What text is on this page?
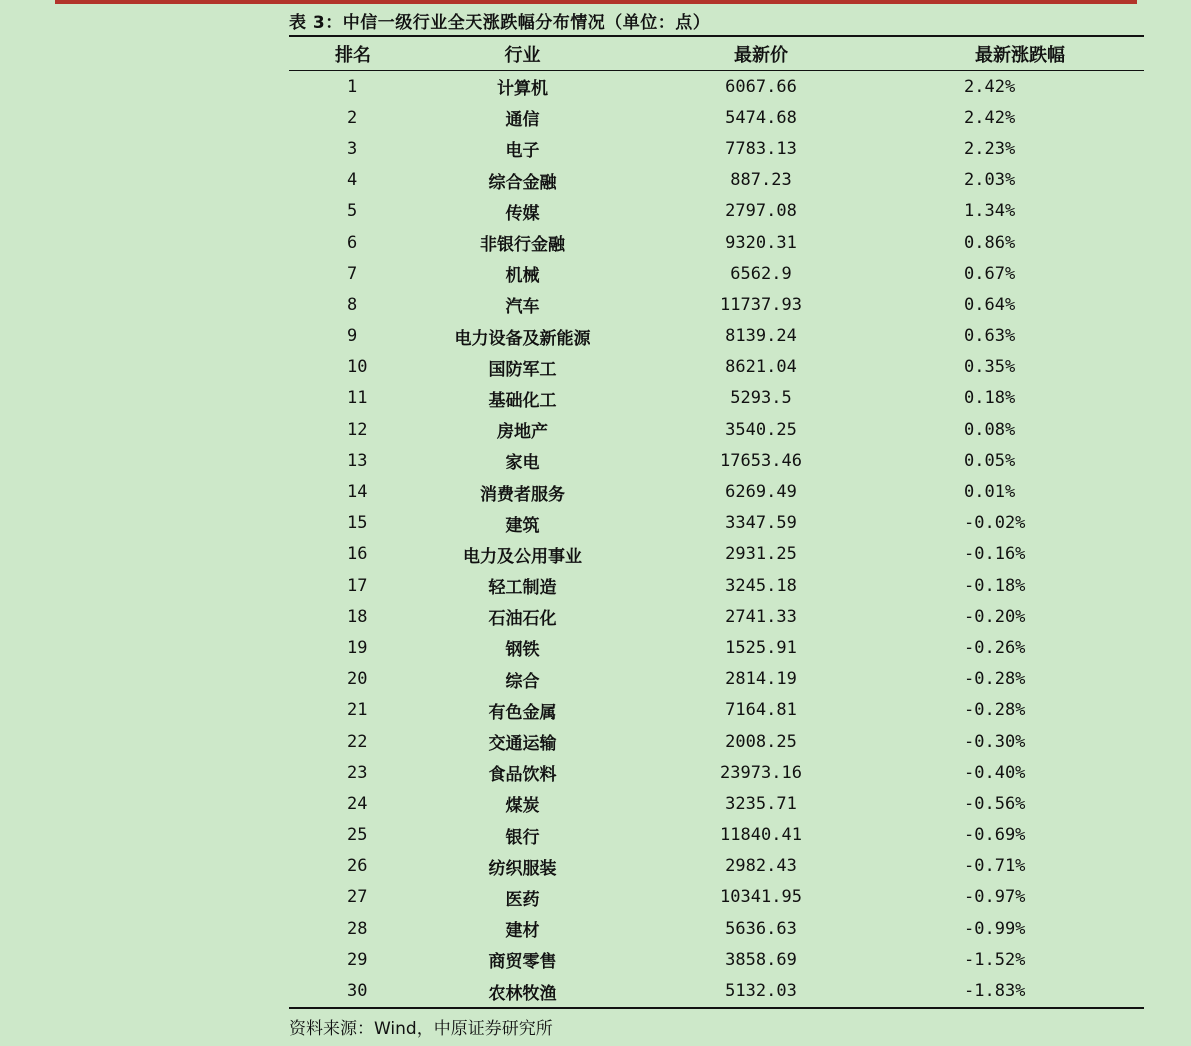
表 3：中信一级行业全天涨跌幅分布情况（单位：点）
排名	行业	最新价	最新涨跌幅
1	计算机	6067.66	2.42%
2	通信	5474.68	2.42%
3	电子	7783.13	2.23%
4	综合金融	887.23	2.03%
5	传媒	2797.08	1.34%
6	非银行金融	9320.31	0.86%
7	机械	6562.9	0.67%
8	汽车	11737.93	0.64%
9	电力设备及新能源	8139.24	0.63%
10	国防军工	8621.04	0.35%
11	基础化工	5293.5	0.18%
12	房地产	3540.25	0.08%
13	家电	17653.46	0.05%
14	消费者服务	6269.49	0.01%
15	建筑	3347.59	-0.02%
16	电力及公用事业	2931.25	-0.16%
17	轻工制造	3245.18	-0.18%
18	石油石化	2741.33	-0.20%
19	钢铁	1525.91	-0.26%
20	综合	2814.19	-0.28%
21	有色金属	7164.81	-0.28%
22	交通运输	2008.25	-0.30%
23	食品饮料	23973.16	-0.40%
24	煤炭	3235.71	-0.56%
25	银行	11840.41	-0.69%
26	纺织服装	2982.43	-0.71%
27	医药	10341.95	-0.97%
28	建材	5636.63	-0.99%
29	商贸零售	3858.69	-1.52%
30	农林牧渔	5132.03	-1.83%
资料来源：Wind，中原证券研究所
